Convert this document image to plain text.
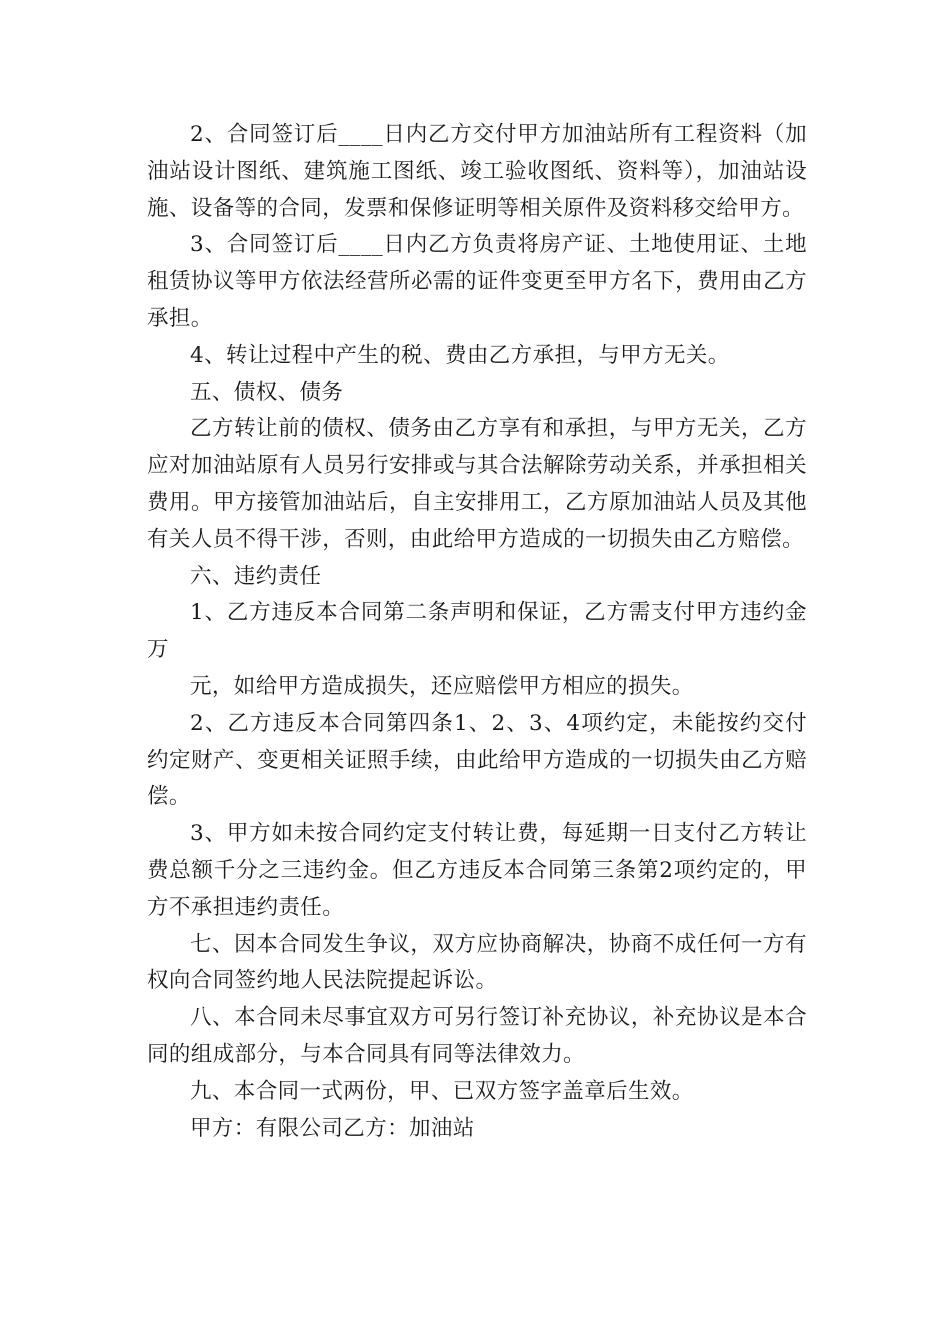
2、合同签订后____日内乙方交付甲方加油站所有工程资料（加油站设计图纸、建筑施工图纸、竣工验收图纸、资料等），加油站设施、设备等的合同，发票和保修证明等相关原件及资料移交给甲方。

3、合同签订后____日内乙方负责将房产证、土地使用证、土地租赁协议等甲方依法经营所必需的证件变更至甲方名下，费用由乙方承担。

4、转让过程中产生的税、费由乙方承担，与甲方无关。

五、债权、债务

乙方转让前的债权、债务由乙方享有和承担，与甲方无关，乙方应对加油站原有人员另行安排或与其合法解除劳动关系，并承担相关费用。甲方接管加油站后，自主安排用工，乙方原加油站人员及其他有关人员不得干涉，否则，由此给甲方造成的一切损失由乙方赔偿。

六、违约责任

1、乙方违反本合同第二条声明和保证，乙方需支付甲方违约金万

元，如给甲方造成损失，还应赔偿甲方相应的损失。

2、乙方违反本合同第四条1、2、3、4项约定，未能按约交付约定财产、变更相关证照手续，由此给甲方造成的一切损失由乙方赔偿。

3、甲方如未按合同约定支付转让费，每延期一日支付乙方转让费总额千分之三违约金。但乙方违反本合同第三条第2项约定的，甲方不承担违约责任。

七、因本合同发生争议，双方应协商解决，协商不成任何一方有权向合同签约地人民法院提起诉讼。

八、本合同未尽事宜双方可另行签订补充协议，补充协议是本合同的组成部分，与本合同具有同等法律效力。

九、本合同一式两份，甲、已双方签字盖章后生效。

甲方：有限公司乙方：加油站
